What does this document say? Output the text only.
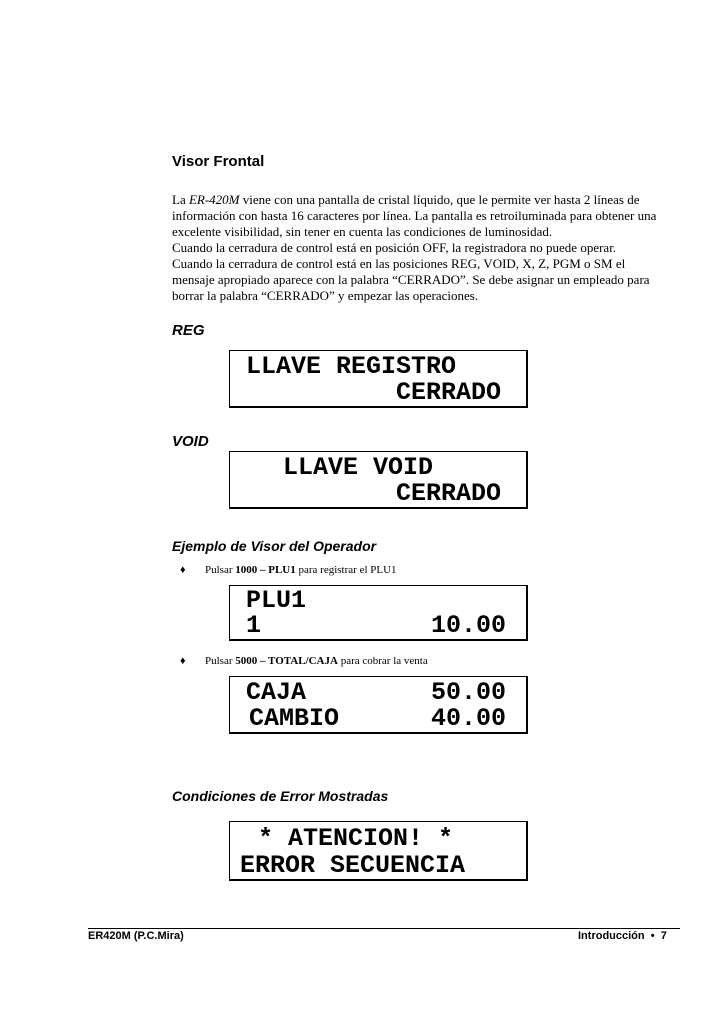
Visor Frontal

La ER-420M viene con una pantalla de cristal líquido, que le permite ver hasta 2 líneas de

información con hasta 16 caracteres por línea. La pantalla es retroiluminada para obtener una

excelente visibilidad, sin tener en cuenta las condiciones de luminosidad.

Cuando la cerradura de control está en posición OFF, la registradora no puede operar.

Cuando la cerradura de control está en las posiciones REG, VOID, X, Z, PGM o SM el

mensaje apropiado aparece con la palabra “CERRADO”. Se debe asignar un empleado para

borrar la palabra “CERRADO” y empezar las operaciones.

REG

LLAVE REGISTRO

CERRADO

VOID

LLAVE VOID

CERRADO

Ejemplo de Visor del Operador
♦ Pulsar 1000 – PLU1 para registrar el PLU1

PLU1

1

	10.00

♦ Pulsar 5000 – TOTAL/CAJA para cobrar la venta

CAJA

	50.00

CAMBIO

	40.00

Condiciones de Error Mostradas

* ATENCION! *

ERROR SECUENCIA

ER420M (P.C.Mira)	Introducción • 7
